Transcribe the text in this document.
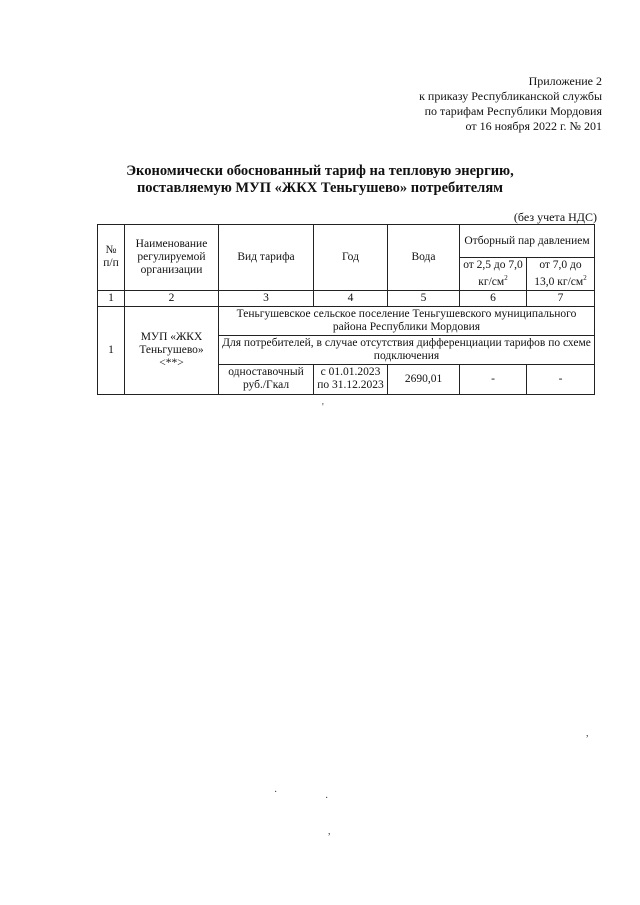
Приложение 2
к приказу Республиканской службы
по тарифам Республики Мордовия
от 16 ноября 2022 г. № 201
Экономически обоснованный тариф на тепловую энергию,
поставляемую МУП «ЖКХ Теньгушево» потребителям
(без учета НДС)
№ п/п	Наименование регулируемой организации	Вид тарифа	Год	Вода	Отборный пар давлением	
					от 2,5 до 7,0 $кг/см^2$	от 7,0 до 13,0 $кг/см^2$
1	2	3	4	5	6	7
1	МУП «ЖКХ Теньгушево» <**>	Теньгушевское сельское поселение Теньгушевского муниципального района Республики Мордовия				
		Для потребителей, в случае отсутствия дифференциации тарифов по схеме подключения				
		одноставочный руб./Гкал	с 01.01.2023 по 31.12.2023	2690,01	-	-
'
,
·
·
,
